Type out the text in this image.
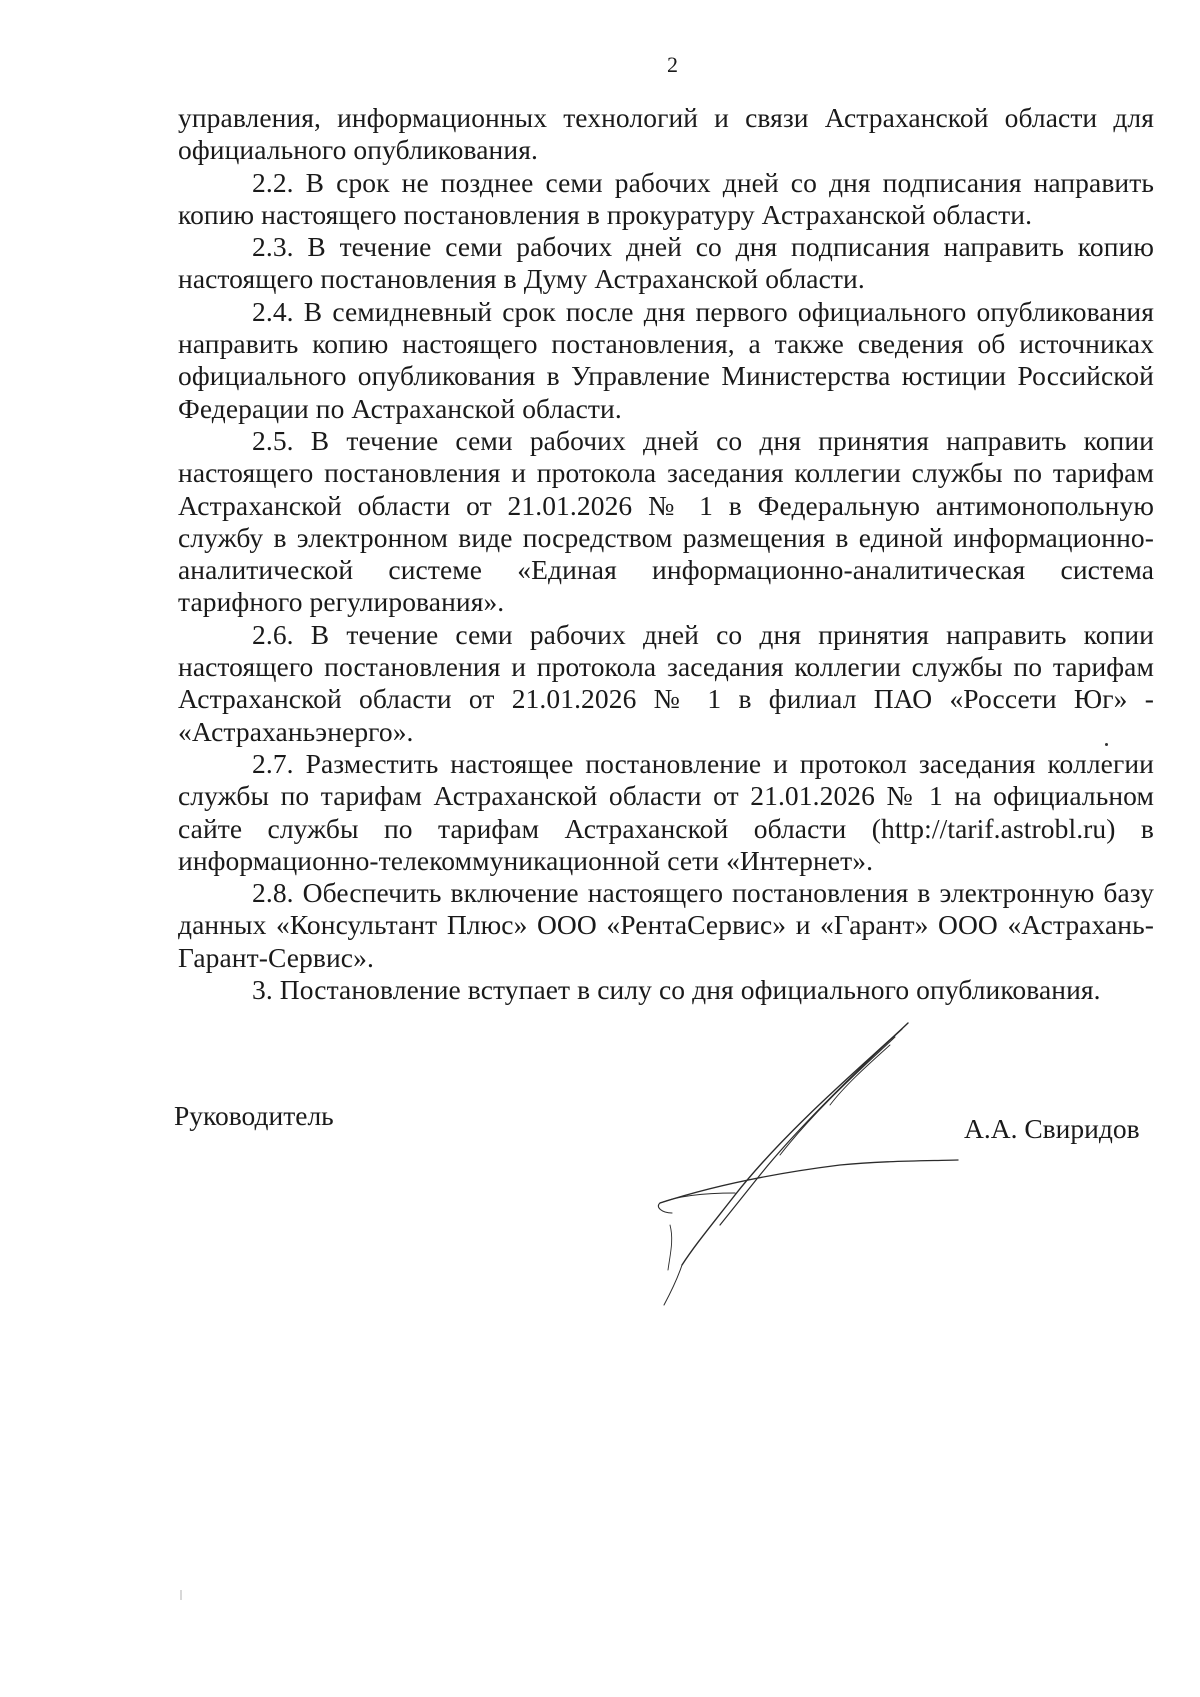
2

управления, информационных технологий и связи Астраханской области для официального опубликования.

2.2. В срок не позднее семи рабочих дней со дня подписания направить копию настоящего постановления в прокуратуру Астраханской области.

2.3. В течение семи рабочих дней со дня подписания направить копию настоящего постановления в Думу Астраханской области.

2.4. В семидневный срок после дня первого официального опубликования направить копию настоящего постановления, а также сведения об источниках официального опубликования в Управление Министерства юстиции Российской Федерации по Астраханской области.

2.5. В течение семи рабочих дней со дня принятия направить копии настоящего постановления и протокола заседания коллегии службы по тарифам Астраханской области от 21.01.2026 № 1 в Федеральную антимонопольную службу в электронном виде посредством размещения в единой информационно-аналитической системе «Единая информационно-аналитическая система тарифного регулирования».

2.6. В течение семи рабочих дней со дня принятия направить копии настоящего постановления и протокола заседания коллегии службы по тарифам Астраханской области от 21.01.2026 № 1 в филиал ПАО «Россети Юг» - «Астраханьэнерго».

2.7. Разместить настоящее постановление и протокол заседания коллегии службы по тарифам Астраханской области от 21.01.2026 № 1 на официальном сайте службы по тарифам Астраханской области (http://tarif.astrobl.ru) в информационно-телекоммуникационной сети «Интернет».

2.8. Обеспечить включение настоящего постановления в электронную базу данных «Консультант Плюс» ООО «РентаСервис» и «Гарант» ООО «Астрахань-Гарант-Сервис».

3. Постановление вступает в силу со дня официального опубликования.

Руководитель	А.А. Свиридов
